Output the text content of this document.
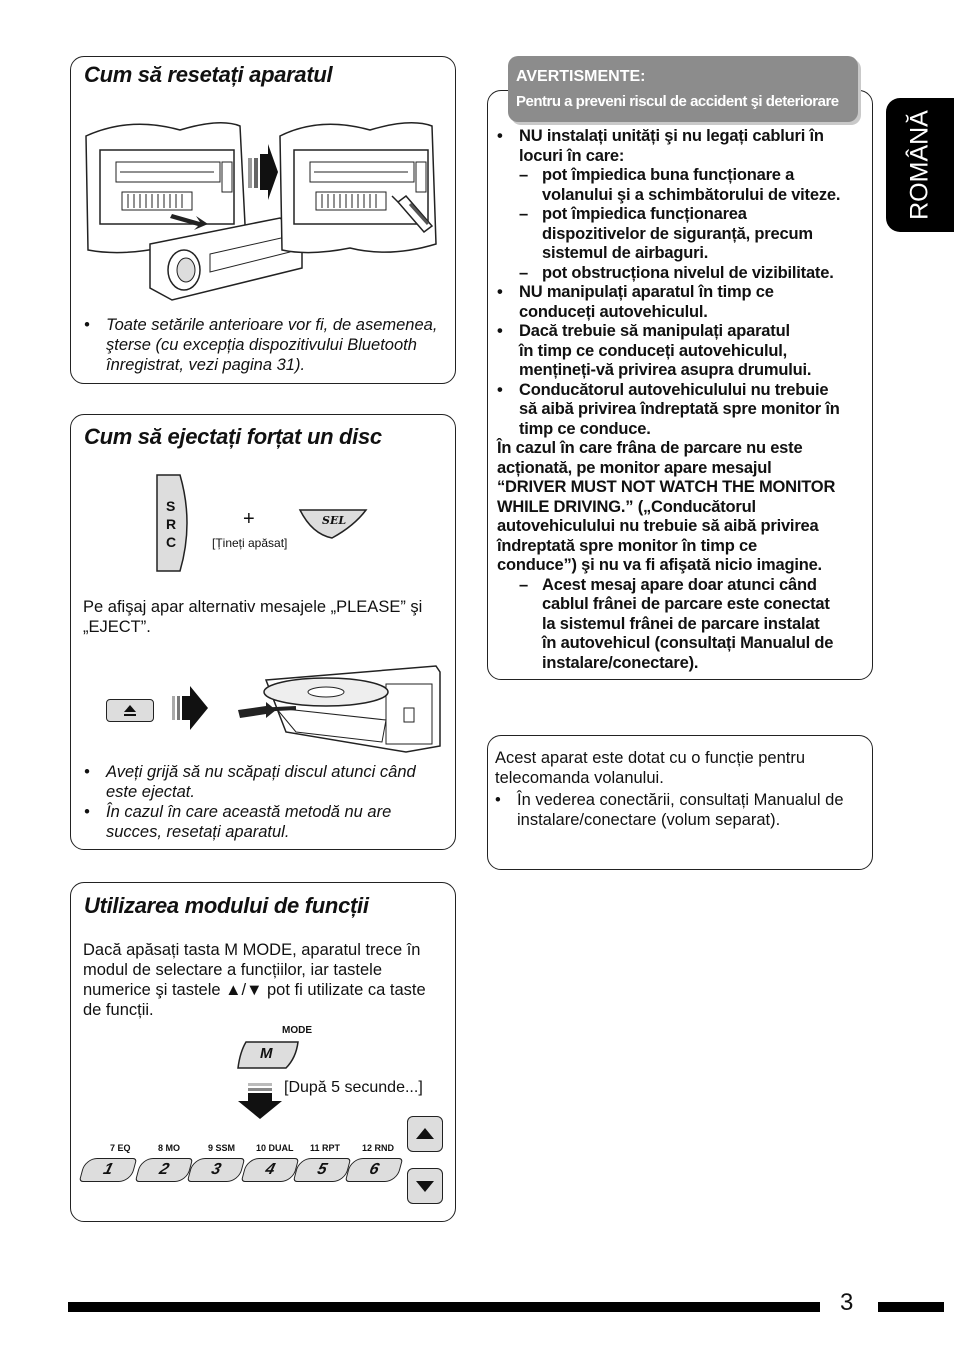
ROMÂNĂ
Cum să resetați aparatul
• Toate setările anterioare vor fi, de asemenea, şterse (cu excepția dispozitivului Bluetooth înregistrat, vezi pagina 31).
Cum să ejectați forțat un disc
S
R
C
+
[Țineți apăsat]
SEL
Pe afişaj apar alternativ mesajele „PLEASE” şi „EJECT”.
• Aveți grijă să nu scăpați discul atunci când este ejectat.
• În cazul în care această metodă nu are succes, resetați aparatul.
Utilizarea modului de funcții
Dacă apăsați tasta M MODE, aparatul trece în modul de selectare a funcțiilor, iar tastele numerice şi tastele ▲/▼ pot fi utilizate ca taste de funcții.
MODE
M
[După 5 secunde...]
7 EQ	8 MO	9 SSM 10 DUAL 11 RPT 12 RND
1	2	3	4	5	6
AVERTISMENTE:
Pentru a preveni riscul de accident şi deteriorare
• NU instalați unități şi nu legați cabluri în
locuri în care:
– pot împiedica buna funcționare a
volanului şi a schimbătorului de viteze.
– pot împiedica funcționarea
dispozitivelor de siguranță, precum
sistemul de airbaguri.
– pot obstrucționa nivelul de vizibilitate.
• NU manipulați aparatul în timp ce
conduceți autovehiculul.
• Dacă trebuie să manipulați aparatul
în timp ce conduceți autovehiculul,
mențineți-vă privirea asupra drumului.
• Conducătorul autovehiculului nu trebuie
să aibă privirea îndreptată spre monitor în
timp ce conduce.
În cazul în care frâna de parcare nu este
acționată, pe monitor apare mesajul
“DRIVER MUST NOT WATCH THE MONITOR
WHILE DRIVING.” („Conducătorul
autovehiculului nu trebuie să aibă privirea
îndreptată spre monitor în timp ce
conduce”) şi nu va fi afişată nicio imagine.
– Acest mesaj apare doar atunci când
cablul frânei de parcare este conectat
la sistemul frânei de parcare instalat
în autovehicul (consultați Manualul de
instalare/conectare).
Acest aparat este dotat cu o funcție pentru telecomanda volanului.
• În vederea conectării, consultați Manualul de instalare/conectare (volum separat).
3
